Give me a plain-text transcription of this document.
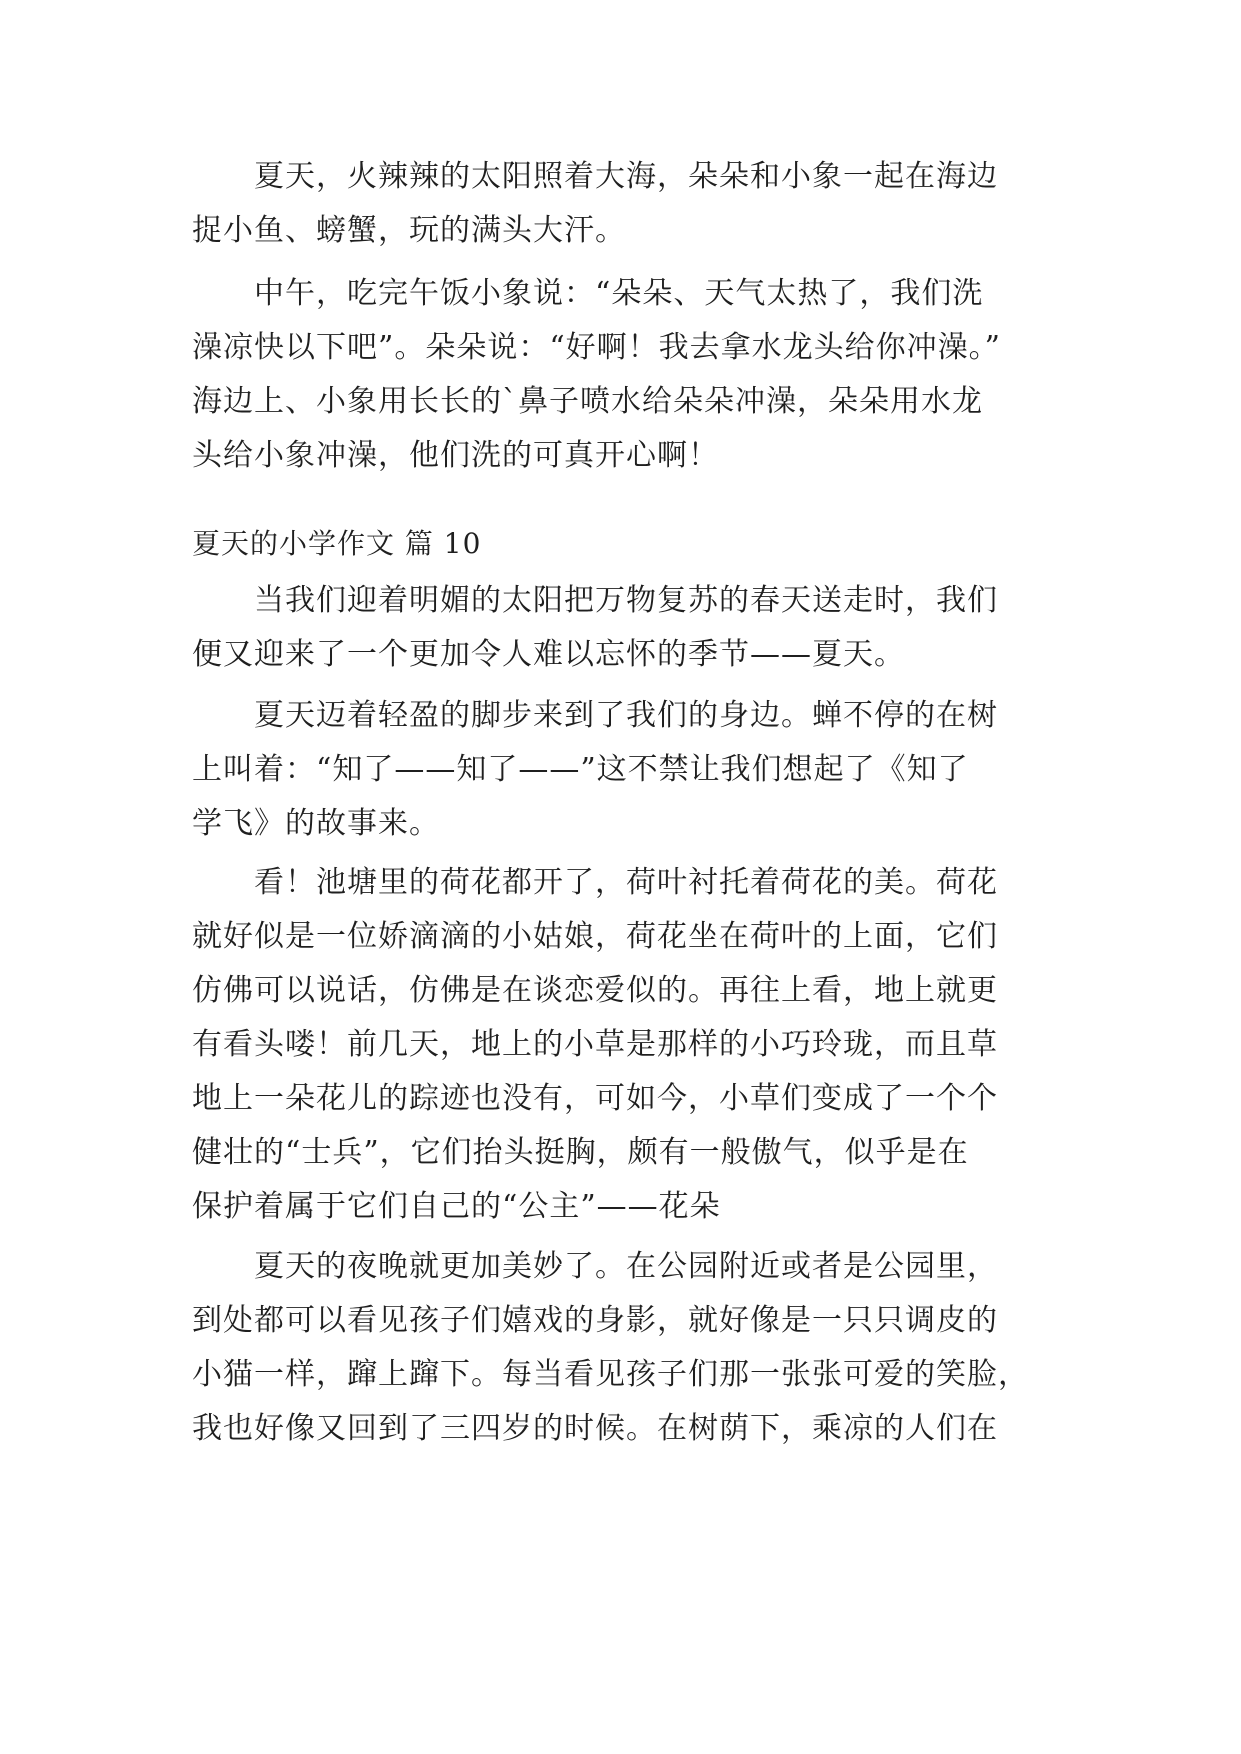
夏天，火辣辣的太阳照着大海，朵朵和小象一起在海边
捉小鱼、螃蟹，玩的满头大汗。
中午，吃完午饭小象说：“朵朵、天气太热了，我们洗
澡凉快以下吧”。朵朵说：“好啊！我去拿水龙头给你冲澡。”
海边上、小象用长长的`鼻子喷水给朵朵冲澡，朵朵用水龙
头给小象冲澡，他们洗的可真开心啊！
夏天的小学作文 篇 10
当我们迎着明媚的太阳把万物复苏的春天送走时，我们
便又迎来了一个更加令人难以忘怀的季节——夏天。
夏天迈着轻盈的脚步来到了我们的身边。蝉不停的在树
上叫着：“知了——知了——”这不禁让我们想起了《知了
学飞》的故事来。
看！池塘里的荷花都开了，荷叶衬托着荷花的美。荷花
就好似是一位娇滴滴的小姑娘，荷花坐在荷叶的上面，它们
仿佛可以说话，仿佛是在谈恋爱似的。再往上看，地上就更
有看头喽！前几天，地上的小草是那样的小巧玲珑，而且草
地上一朵花儿的踪迹也没有，可如今，小草们变成了一个个
健壮的“士兵”，它们抬头挺胸，颇有一般傲气，似乎是在
保护着属于它们自己的“公主”——花朵
夏天的夜晚就更加美妙了。在公园附近或者是公园里，
到处都可以看见孩子们嬉戏的身影，就好像是一只只调皮的
小猫一样，蹿上蹿下。每当看见孩子们那一张张可爱的笑脸，
我也好像又回到了三四岁的时候。在树荫下，乘凉的人们在
